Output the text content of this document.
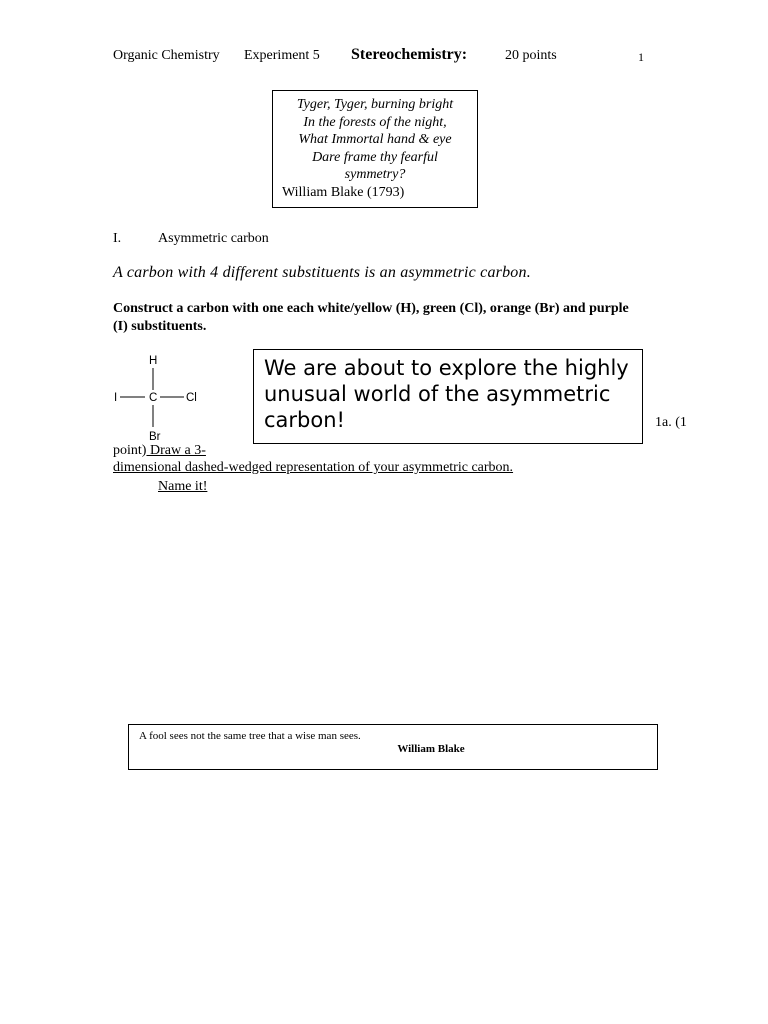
Organic Chemistry Experiment 5 Stereochemistry:	20 points	1
Tyger, Tyger, burning bright
In the forests of the night,
What Immortal hand & eye
Dare frame thy fearful
symmetry?
William Blake (1793)
I.	Asymmetric carbon
A carbon with 4 different substituents is an asymmetric carbon.
Construct a carbon with one each white/yellow (H), green (Cl), orange (Br) and purple (I) substituents.
H
I	C Cl
Br
We are about to explore the highly unusual world of the asymmetric carbon!	1a. (1
point) Draw a 3-
dimensional dashed-wedged representation of your asymmetric carbon.
Name it!
A fool sees not the same tree that a wise man sees.
William Blake
